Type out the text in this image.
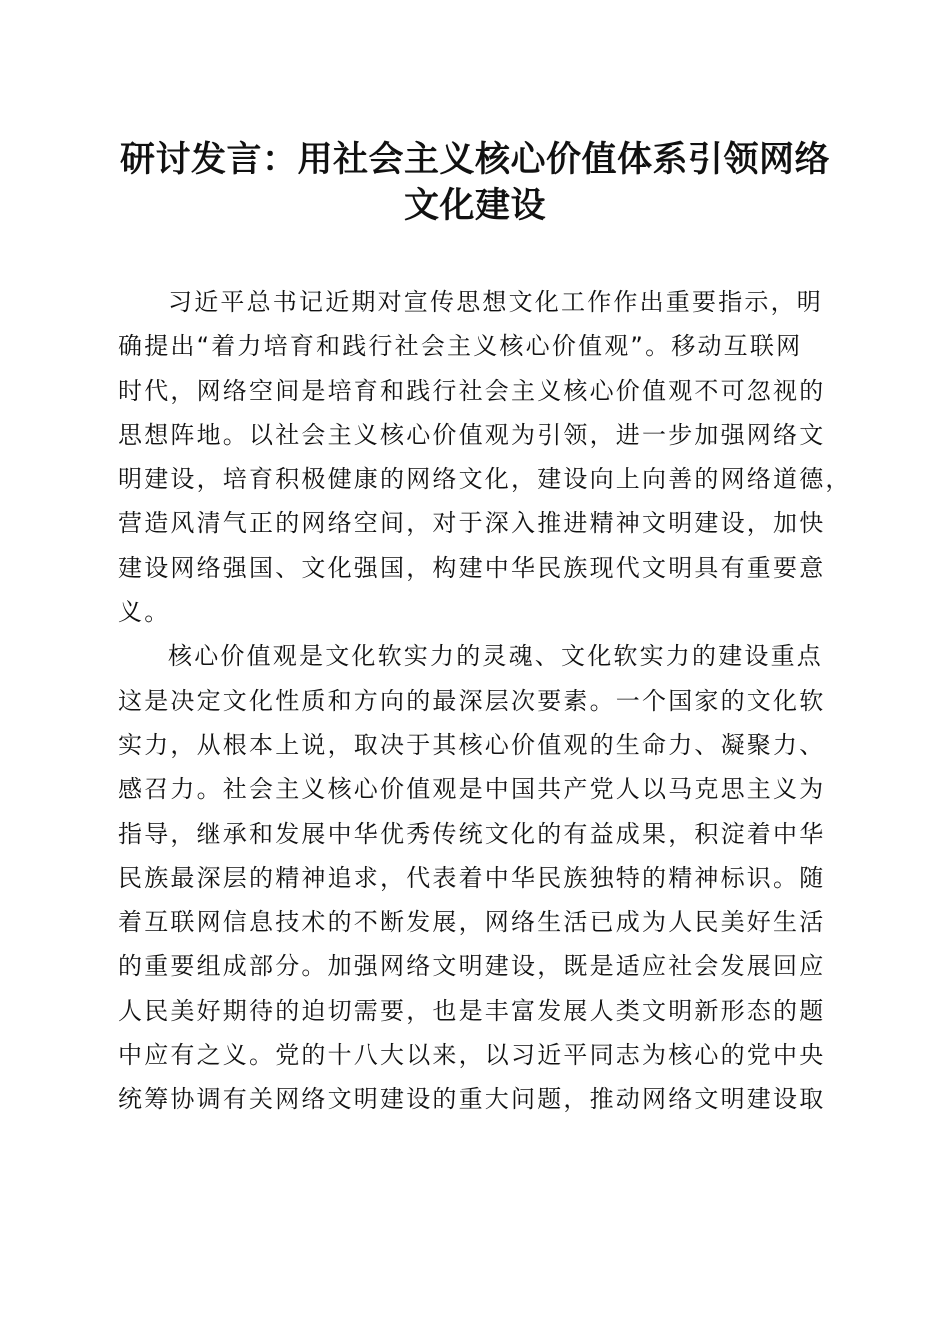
研讨发言：用社会主义核心价值体系引领网络
文化建设
习近平总书记近期对宣传思想文化工作作出重要指示，明
确提出“着力培育和践行社会主义核心价值观”。移动互联网
时代，网络空间是培育和践行社会主义核心价值观不可忽视的
思想阵地。以社会主义核心价值观为引领，进一步加强网络文
明建设，培育积极健康的网络文化，建设向上向善的网络道德，
营造风清气正的网络空间，对于深入推进精神文明建设，加快
建设网络强国、文化强国，构建中华民族现代文明具有重要意
义。
核心价值观是文化软实力的灵魂、文化软实力的建设重点
这是决定文化性质和方向的最深层次要素。一个国家的文化软
实力，从根本上说，取决于其核心价值观的生命力、凝聚力、
感召力。社会主义核心价值观是中国共产党人以马克思主义为
指导，继承和发展中华优秀传统文化的有益成果，积淀着中华
民族最深层的精神追求，代表着中华民族独特的精神标识。随
着互联网信息技术的不断发展，网络生活已成为人民美好生活
的重要组成部分。加强网络文明建设，既是适应社会发展回应
人民美好期待的迫切需要，也是丰富发展人类文明新形态的题
中应有之义。党的十八大以来，以习近平同志为核心的党中央
统筹协调有关网络文明建设的重大问题，推动网络文明建设取
